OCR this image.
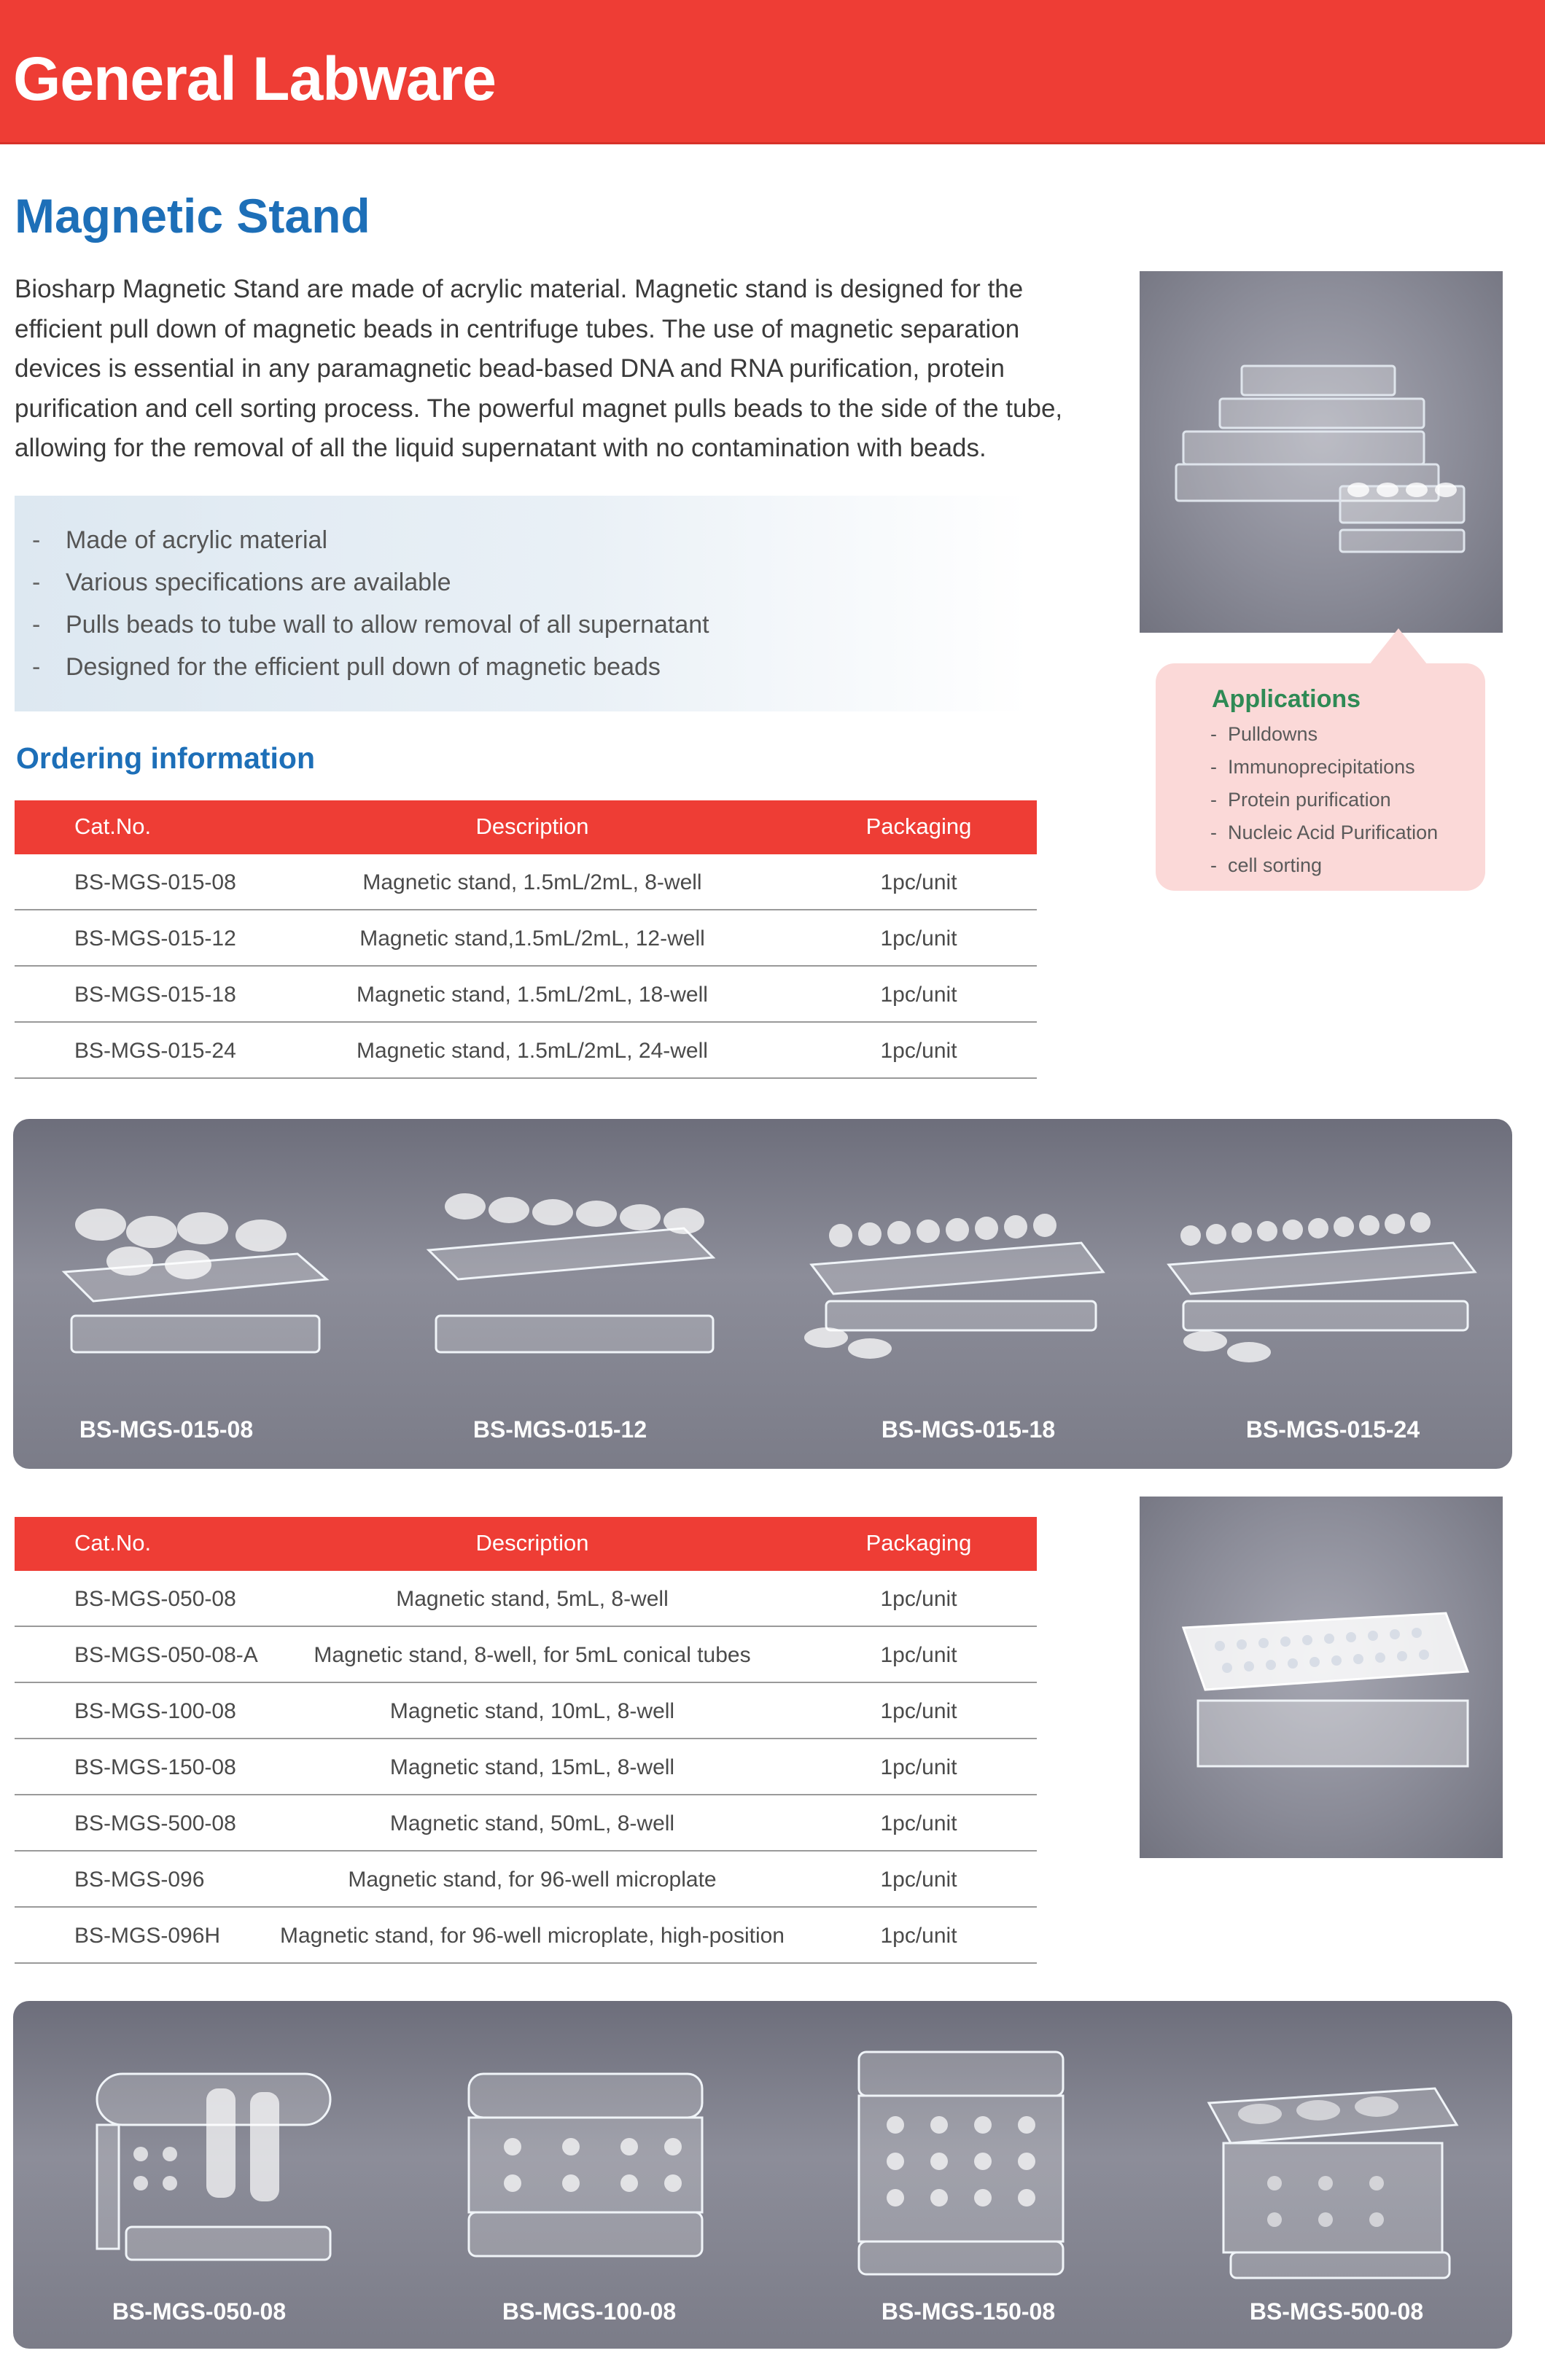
General Labware
Magnetic Stand
Biosharp Magnetic Stand are made of acrylic material. Magnetic stand is designed for the
efficient pull down of magnetic beads in centrifuge tubes. The use of magnetic separation
devices is essential in any paramagnetic bead-based DNA and RNA purification, protein
purification and cell sorting process. The powerful magnet pulls beads to the side of the tube,
allowing for the removal of all the liquid supernatant with no contamination with beads.
- Made of acrylic material
- Various specifications are available
- Pulls beads to tube wall to allow removal of all supernatant
- Designed for the efficient pull down of magnetic beads
Applications
- Pulldowns
- Immunoprecipitations
- Protein purification
- Nucleic Acid Purification
- cell sorting
Ordering information
Cat.No.	Description	Packaging
BS-MGS-015-08	Magnetic stand, 1.5mL/2mL, 8-well	1pc/unit
BS-MGS-015-12	Magnetic stand,1.5mL/2mL, 12-well	1pc/unit
BS-MGS-015-18	Magnetic stand, 1.5mL/2mL, 18-well	1pc/unit
BS-MGS-015-24	Magnetic stand, 1.5mL/2mL, 24-well	1pc/unit
BS-MGS-015-08	BS-MGS-015-12	BS-MGS-015-18	BS-MGS-015-24
Cat.No.	Description	Packaging
BS-MGS-050-08	Magnetic stand, 5mL, 8-well	1pc/unit
BS-MGS-050-08-A	Magnetic stand, 8-well, for 5mL conical tubes	1pc/unit
BS-MGS-100-08	Magnetic stand, 10mL, 8-well	1pc/unit
BS-MGS-150-08	Magnetic stand, 15mL, 8-well	1pc/unit
BS-MGS-500-08	Magnetic stand, 50mL, 8-well	1pc/unit
BS-MGS-096	Magnetic stand, for 96-well microplate	1pc/unit
BS-MGS-096H	Magnetic stand, for 96-well microplate, high-position	1pc/unit
BS-MGS-050-08	BS-MGS-100-08	BS-MGS-150-08	BS-MGS-500-08
